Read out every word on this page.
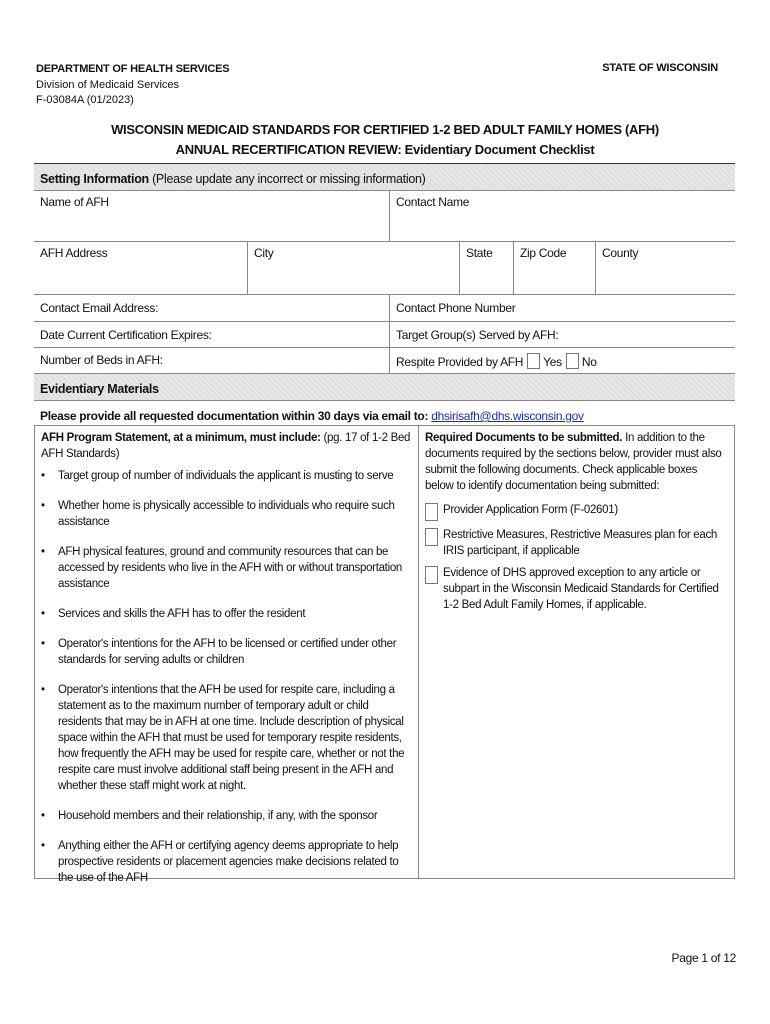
DEPARTMENT OF HEALTH SERVICES
Division of Medicaid Services
F-03084A (01/2023)
STATE OF WISCONSIN
WISCONSIN MEDICAID STANDARDS FOR CERTIFIED 1-2 BED ADULT FAMILY HOMES (AFH)
ANNUAL RECERTIFICATION REVIEW: Evidentiary Document Checklist
Setting Information (Please update any incorrect or missing information)
Name of AFH	Contact Name
AFH Address	City	State	Zip Code	County
Contact Email Address:	Contact Phone Number
Date Current Certification Expires:	Target Group(s) Served by AFH:
Number of Beds in AFH:	Respite Provided by AFH Yes No
Evidentiary Materials
Please provide all requested documentation within 30 days via email to: dhsirisafh@dhs.wisconsin.gov
AFH Program Statement, at a minimum, must include: (pg. 17 of 1-2 Bed AFH Standards)
• Target group of number of individuals the applicant is musting to serve
• Whether home is physically accessible to individuals who require such assistance
• AFH physical features, ground and community resources that can be accessed by residents who live in the AFH with or without transportation assistance
• Services and skills the AFH has to offer the resident
• Operator's intentions for the AFH to be licensed or certified under other standards for serving adults or children
• Operator's intentions that the AFH be used for respite care, including a statement as to the maximum number of temporary adult or child residents that may be in AFH at one time. Include description of physical space within the AFH that must be used for temporary respite residents, how frequently the AFH may be used for respite care, whether or not the respite care must involve additional staff being present in the AFH and whether these staff might work at night.
• Household members and their relationship, if any, with the sponsor
• Anything either the AFH or certifying agency deems appropriate to help prospective residents or placement agencies make decisions related to the use of the AFH
Required Documents to be submitted. In addition to the documents required by the sections below, provider must also submit the following documents. Check applicable boxes below to identify documentation being submitted:
Provider Application Form (F-02601)
Restrictive Measures, Restrictive Measures plan for each IRIS participant, if applicable
Evidence of DHS approved exception to any article or subpart in the Wisconsin Medicaid Standards for Certified 1-2 Bed Adult Family Homes, if applicable.
Page 1 of 12
